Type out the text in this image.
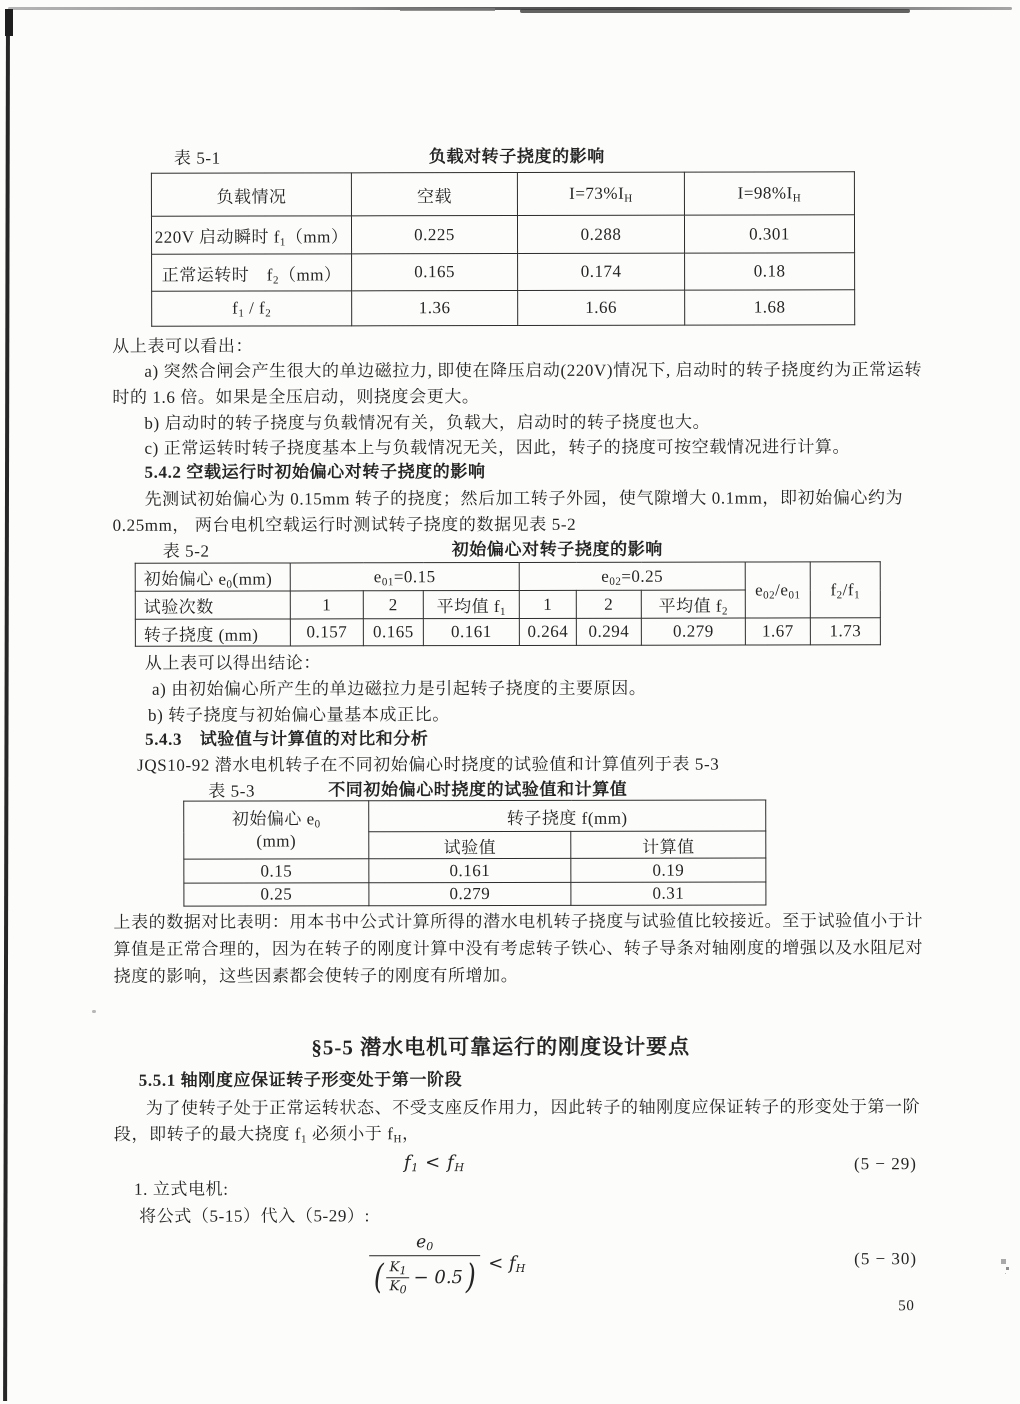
表 5-1	负载对转子挠度的影响
负载情况	空载	$I=73\%I_H$	$I=98\%I_H$
220V 启动瞬时 $f_1(mm)$	0.225	0.288	0.301
正常运转时　$f_2(mm)$	0.165	0.174	0.18
$f_1 / f_2$	1.36	1.66	1.68
从上表可以看出：
a) 突然合闸会产生很大的单边磁拉力, 即使在降压启动(220V)情况下, 启动时的转子挠度约为正常运转
时的 1.6 倍。如果是全压启动，则挠度会更大。
b) 启动时的转子挠度与负载情况有关，负载大，启动时的转子挠度也大。
c) 正常运转时转子挠度基本上与负载情况无关，因此，转子的挠度可按空载情况进行计算。
5.4.2 空载运行时初始偏心对转子挠度的影响
先测试初始偏心为 0.15mm 转子的挠度；然后加工转子外园，使气隙增大 0.1mm，即初始偏心约为
0.25mm， 两台电机空载运行时测试转子挠度的数据见表 5-2
表 5-2	初始偏心对转子挠度的影响
初始偏心 $e_0(mm)$	$e_{01}=0.15$			$e_{02}=0.25$			$e_{02}/e_{01}$	$f_2/f_1$
试验次数	1	2	平均值 $f_1$	1	2	平均值 $f_2$
转子挠度 (mm)	0.157	0.165	0.161	0.264	0.294	0.279	1.67	1.73
从上表可以得出结论：
a) 由初始偏心所产生的单边磁拉力是引起转子挠度的主要原因。
b) 转子挠度与初始偏心量基本成正比。
5.4.3　试验值与计算值的对比和分析
JQS10-92 潜水电机转子在不同初始偏心时挠度的试验值和计算值列于表 5-3
表 5-3	不同初始偏心时挠度的试验值和计算值
初始偏心 $e_0$
(mm)	转子挠度 f(mm)	
	试验值	计算值
0.15	0.161	0.19
0.25	0.279	0.31
上表的数据对比表明：用本书中公式计算所得的潜水电机转子挠度与试验值比较接近。至于试验值小于计
算值是正常合理的，因为在转子的刚度计算中没有考虑转子铁心、转子导条对轴刚度的增强以及水阻尼对
挠度的影响，这些因素都会使转子的刚度有所增加。
§5-5 潜水电机可靠运行的刚度设计要点
5.5.1 轴刚度应保证转子形变处于第一阶段
为了使转子处于正常运转状态、不受支座反作用力，因此转子的轴刚度应保证转子的形变处于第一阶
段，即转子的最大挠度 $f_1$ 必须小于 $f_H$，
$f_1 < f_H$	(5 − 29)
1. 立式电机:
将公式（5-15）代入（5-29）:
$e_0$
( $\frac{K_1}{K_0} - 0.5$ ) < $f_H$	(5 − 30)
50
